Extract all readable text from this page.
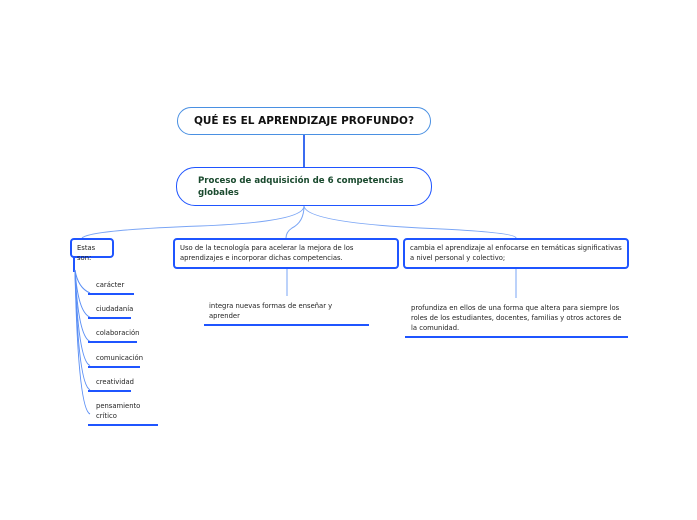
QUÉ ES EL APRENDIZAJE PROFUNDO?
Proceso de adquisición de 6 competencias globales
Estas son:
Uso de la tecnología para acelerar la mejora de los aprendizajes e incorporar dichas competencias.
cambia el aprendizaje al enfocarse en temáticas significativas a nivel personal y colectivo;
carácter
ciudadanía
colaboración
comunicación
creatividad
pensamiento crítico
integra nuevas formas de enseñar y aprender
profundiza en ellos de una forma que altera para siempre los roles de los estudiantes, docentes, familias y otros actores de la comunidad.
